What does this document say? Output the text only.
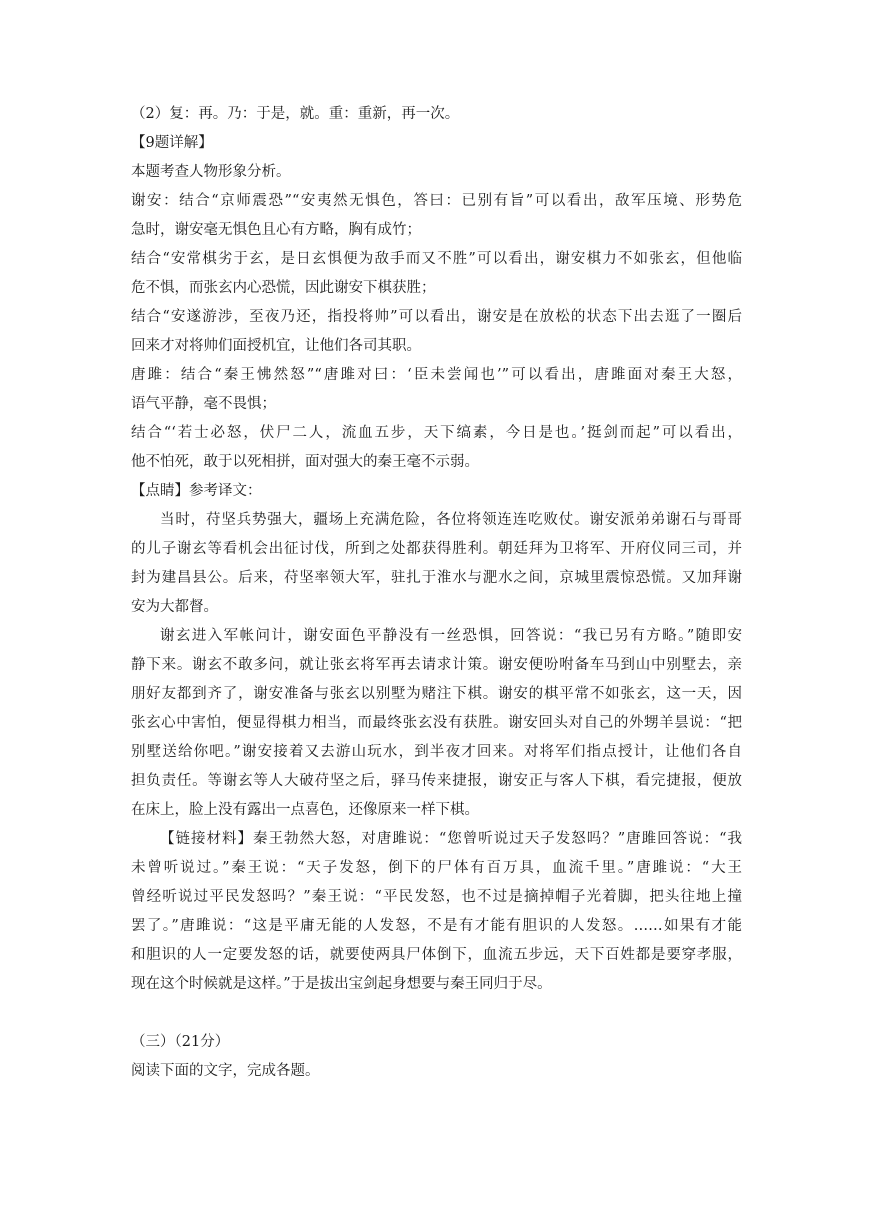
（2）复：再。乃：于是，就。重：重新，再一次。
【9题详解】
本题考查人物形象分析。
谢安：结合“京师震恐”“安夷然无惧色，答曰：已别有旨”可以看出，敌军压境、形势危
急时，谢安毫无惧色且心有方略，胸有成竹；
结合“安常棋劣于玄，是日玄惧便为敌手而又不胜”可以看出，谢安棋力不如张玄，但他临
危不惧，而张玄内心恐慌，因此谢安下棋获胜；
结合“安遂游涉，至夜乃还，指投将帅”可以看出，谢安是在放松的状态下出去逛了一圈后
回来才对将帅们面授机宜，让他们各司其职。
唐雎：结合“秦王怫然怒”“唐雎对曰：‘臣未尝闻也’”可以看出，唐雎面对秦王大怒，
语气平静，毫不畏惧；
结合“‘若士必怒，伏尸二人，流血五步，天下缟素，今日是也。’挺剑而起”可以看出，
他不怕死，敢于以死相拼，面对强大的秦王毫不示弱。
【点睛】参考译文：
当时，苻坚兵势强大，疆场上充满危险，各位将领连连吃败仗。谢安派弟弟谢石与哥哥
的儿子谢玄等看机会出征讨伐，所到之处都获得胜利。朝廷拜为卫将军、开府仪同三司，并
封为建昌县公。后来，苻坚率领大军，驻扎于淮水与淝水之间，京城里震惊恐慌。又加拜谢
安为大都督。
谢玄进入军帐问计，谢安面色平静没有一丝恐惧，回答说：“我已另有方略。”随即安
静下来。谢玄不敢多问，就让张玄将军再去请求计策。谢安便吩咐备车马到山中别墅去，亲
朋好友都到齐了，谢安准备与张玄以别墅为赌注下棋。谢安的棋平常不如张玄，这一天，因
张玄心中害怕，便显得棋力相当，而最终张玄没有获胜。谢安回头对自己的外甥羊昙说：“把
别墅送给你吧。”谢安接着又去游山玩水，到半夜才回来。对将军们指点授计，让他们各自
担负责任。等谢玄等人大破苻坚之后，驿马传来捷报，谢安正与客人下棋，看完捷报，便放
在床上，脸上没有露出一点喜色，还像原来一样下棋。
【链接材料】秦王勃然大怒，对唐雎说：“您曾听说过天子发怒吗？”唐雎回答说：“我
未曾听说过。”秦王说：“天子发怒，倒下的尸体有百万具，血流千里。”唐雎说：“大王
曾经听说过平民发怒吗？”秦王说：“平民发怒，也不过是摘掉帽子光着脚，把头往地上撞
罢了。”唐雎说：“这是平庸无能的人发怒，不是有才能有胆识的人发怒。……如果有才能
和胆识的人一定要发怒的话，就要使两具尸体倒下，血流五步远，天下百姓都是要穿孝服，
现在这个时候就是这样。”于是拔出宝剑起身想要与秦王同归于尽。
（三）（21分）
阅读下面的文字，完成各题。
